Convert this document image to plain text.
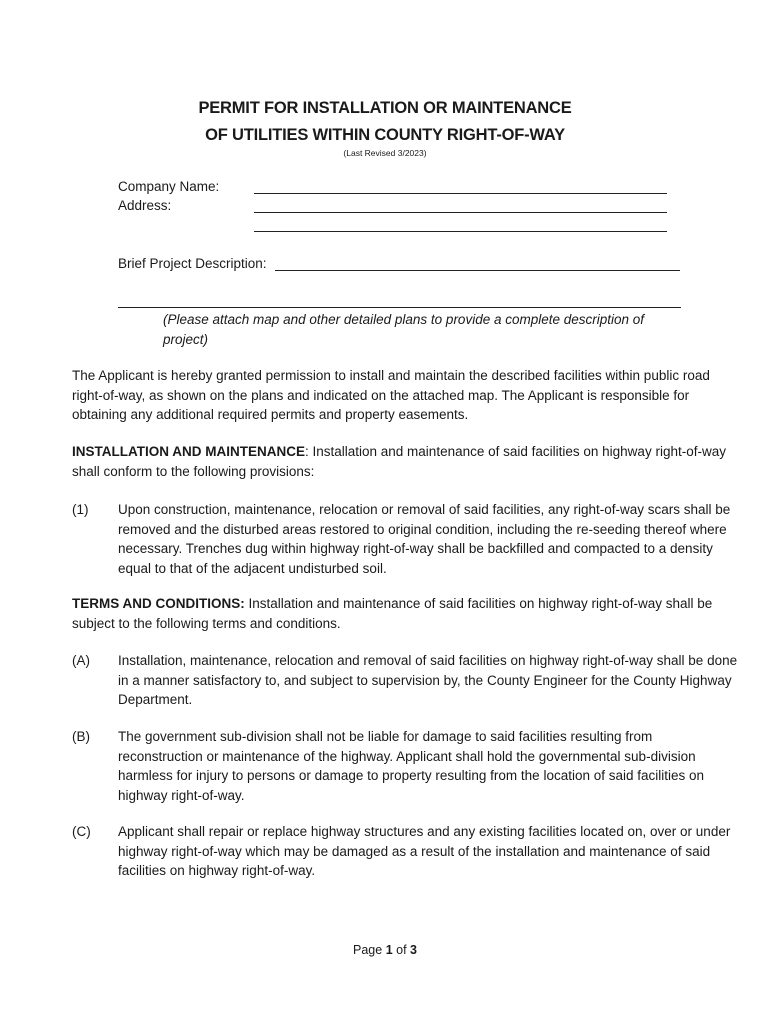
PERMIT FOR INSTALLATION OR MAINTENANCE
OF UTILITIES WITHIN COUNTY RIGHT-OF-WAY
(Last Revised 3/2023)
Company Name:
Address:
Brief Project Description:
(Please attach map and other detailed plans to provide a complete description of project)
The Applicant is hereby granted permission to install and maintain the described facilities within public road right-of-way, as shown on the plans and indicated on the attached map. The Applicant is responsible for obtaining any additional required permits and property easements.
INSTALLATION AND MAINTENANCE: Installation and maintenance of said facilities on highway right-of-way shall conform to the following provisions:
(1) Upon construction, maintenance, relocation or removal of said facilities, any right-of-way scars shall be removed and the disturbed areas restored to original condition, including the re-seeding thereof where necessary. Trenches dug within highway right-of-way shall be backfilled and compacted to a density equal to that of the adjacent undisturbed soil.
TERMS AND CONDITIONS: Installation and maintenance of said facilities on highway right-of-way shall be subject to the following terms and conditions.
(A) Installation, maintenance, relocation and removal of said facilities on highway right-of-way shall be done in a manner satisfactory to, and subject to supervision by, the County Engineer for the County Highway Department.
(B) The government sub-division shall not be liable for damage to said facilities resulting from reconstruction or maintenance of the highway. Applicant shall hold the governmental sub-division harmless for injury to persons or damage to property resulting from the location of said facilities on highway right-of-way.
(C) Applicant shall repair or replace highway structures and any existing facilities located on, over or under highway right-of-way which may be damaged as a result of the installation and maintenance of said facilities on highway right-of-way.
Page 1 of 3
